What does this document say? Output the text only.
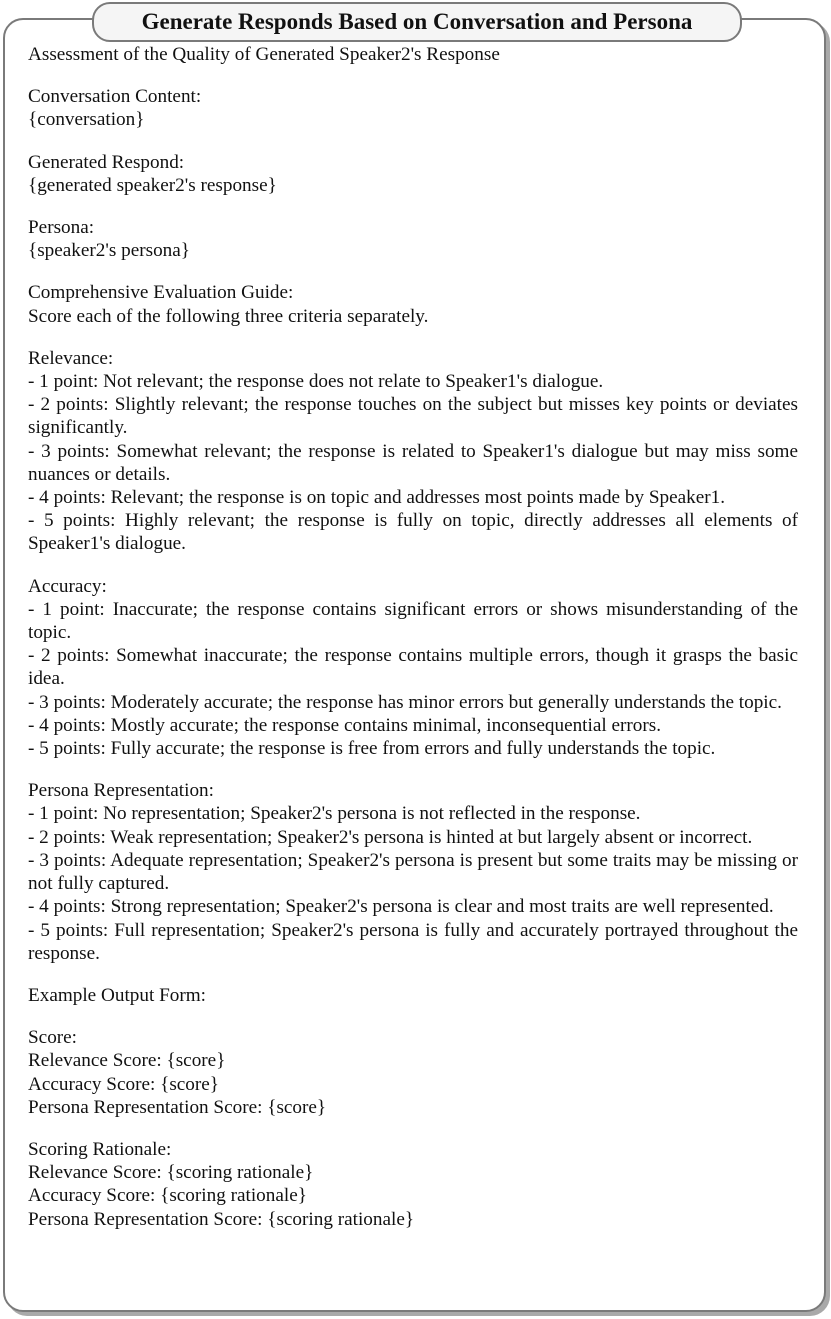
Generate Responds Based on Conversation and Persona
Assessment of the Quality of Generated Speaker2's Response
Conversation Content:
{conversation}
Generated Respond:
{generated speaker2's response}
Persona:
{speaker2's persona}
Comprehensive Evaluation Guide:
Score each of the following three criteria separately.
Relevance:
- 1 point: Not relevant; the response does not relate to Speaker1's dialogue.
- 2 points: Slightly relevant; the response touches on the subject but misses key points or deviates significantly.
- 3 points: Somewhat relevant; the response is related to Speaker1's dialogue but may miss some nuances or details.
- 4 points: Relevant; the response is on topic and addresses most points made by Speaker1.
- 5 points: Highly relevant; the response is fully on topic, directly addresses all elements of Speaker1's dialogue.
Accuracy:
- 1 point: Inaccurate; the response contains significant errors or shows misunderstanding of the topic.
- 2 points: Somewhat inaccurate; the response contains multiple errors, though it grasps the basic idea.
- 3 points: Moderately accurate; the response has minor errors but generally understands the topic.
- 4 points: Mostly accurate; the response contains minimal, inconsequential errors.
- 5 points: Fully accurate; the response is free from errors and fully understands the topic.
Persona Representation:
- 1 point: No representation; Speaker2's persona is not reflected in the response.
- 2 points: Weak representation; Speaker2's persona is hinted at but largely absent or incorrect.
- 3 points: Adequate representation; Speaker2's persona is present but some traits may be missing or not fully captured.
- 4 points: Strong representation; Speaker2's persona is clear and most traits are well represented.
- 5 points: Full representation; Speaker2's persona is fully and accurately portrayed throughout the response.
Example Output Form:
Score:
Relevance Score: {score}
Accuracy Score: {score}
Persona Representation Score: {score}
Scoring Rationale:
Relevance Score: {scoring rationale}
Accuracy Score: {scoring rationale}
Persona Representation Score: {scoring rationale}
